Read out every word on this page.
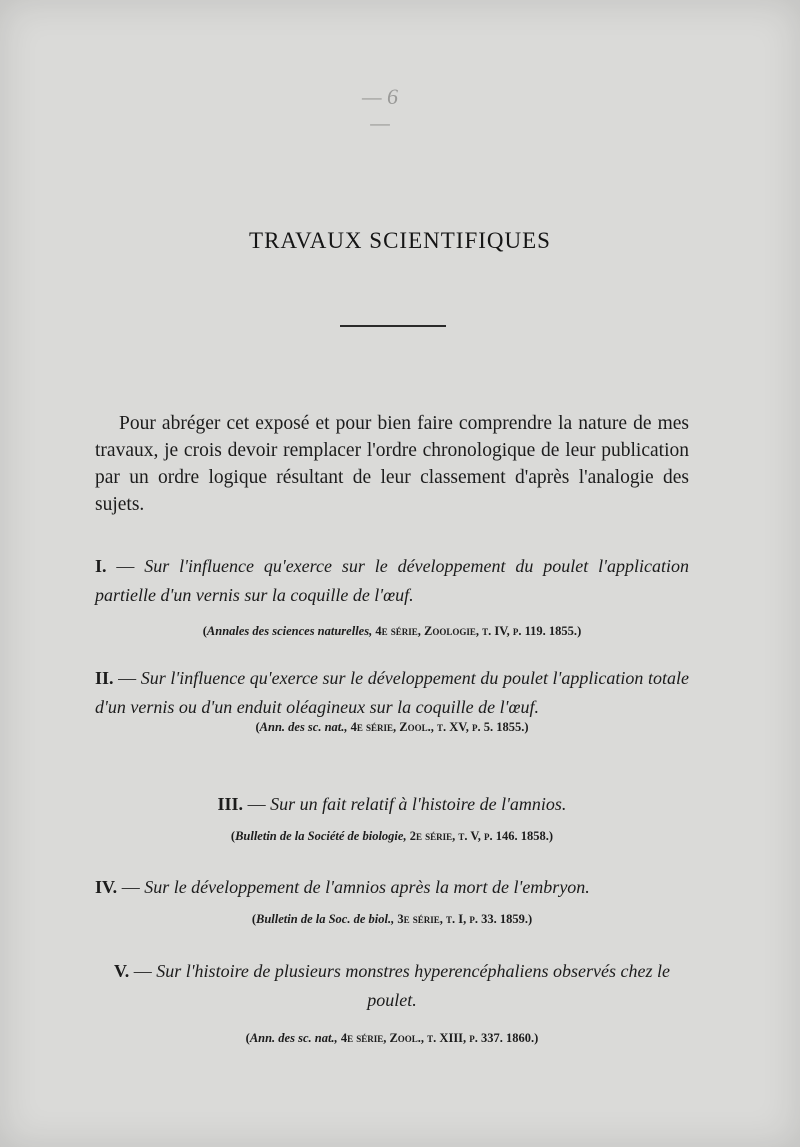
— 6 —
TRAVAUX SCIENTIFIQUES

Pour abréger cet exposé et pour bien faire comprendre la nature de mes travaux, je crois devoir remplacer l'ordre chronologique de leur publication par un ordre logique résultant de leur classement d'après l'analogie des sujets.

I. — Sur l'influence qu'exerce sur le développement du poulet l'application partielle d'un vernis sur la coquille de l'œuf.
(Annales des sciences naturelles, 4e série, Zoologie, t. IV, p. 119. 1855.)
II. — Sur l'influence qu'exerce sur le développement du poulet l'application totale d'un vernis ou d'un enduit oléagineux sur la coquille de l'œuf.
(Ann. des sc. nat., 4e série, Zool., t. XV, p. 5. 1855.)
III. — Sur un fait relatif à l'histoire de l'amnios.
(Bulletin de la Société de biologie, 2e série, t. V, p. 146. 1858.)
IV. — Sur le développement de l'amnios après la mort de l'embryon.
(Bulletin de la Soc. de biol., 3e série, t. I, p. 33. 1859.)
V. — Sur l'histoire de plusieurs monstres hyperencéphaliens observés chez le poulet.
(Ann. des sc. nat., 4e série, Zool., t. XIII, p. 337. 1860.)
